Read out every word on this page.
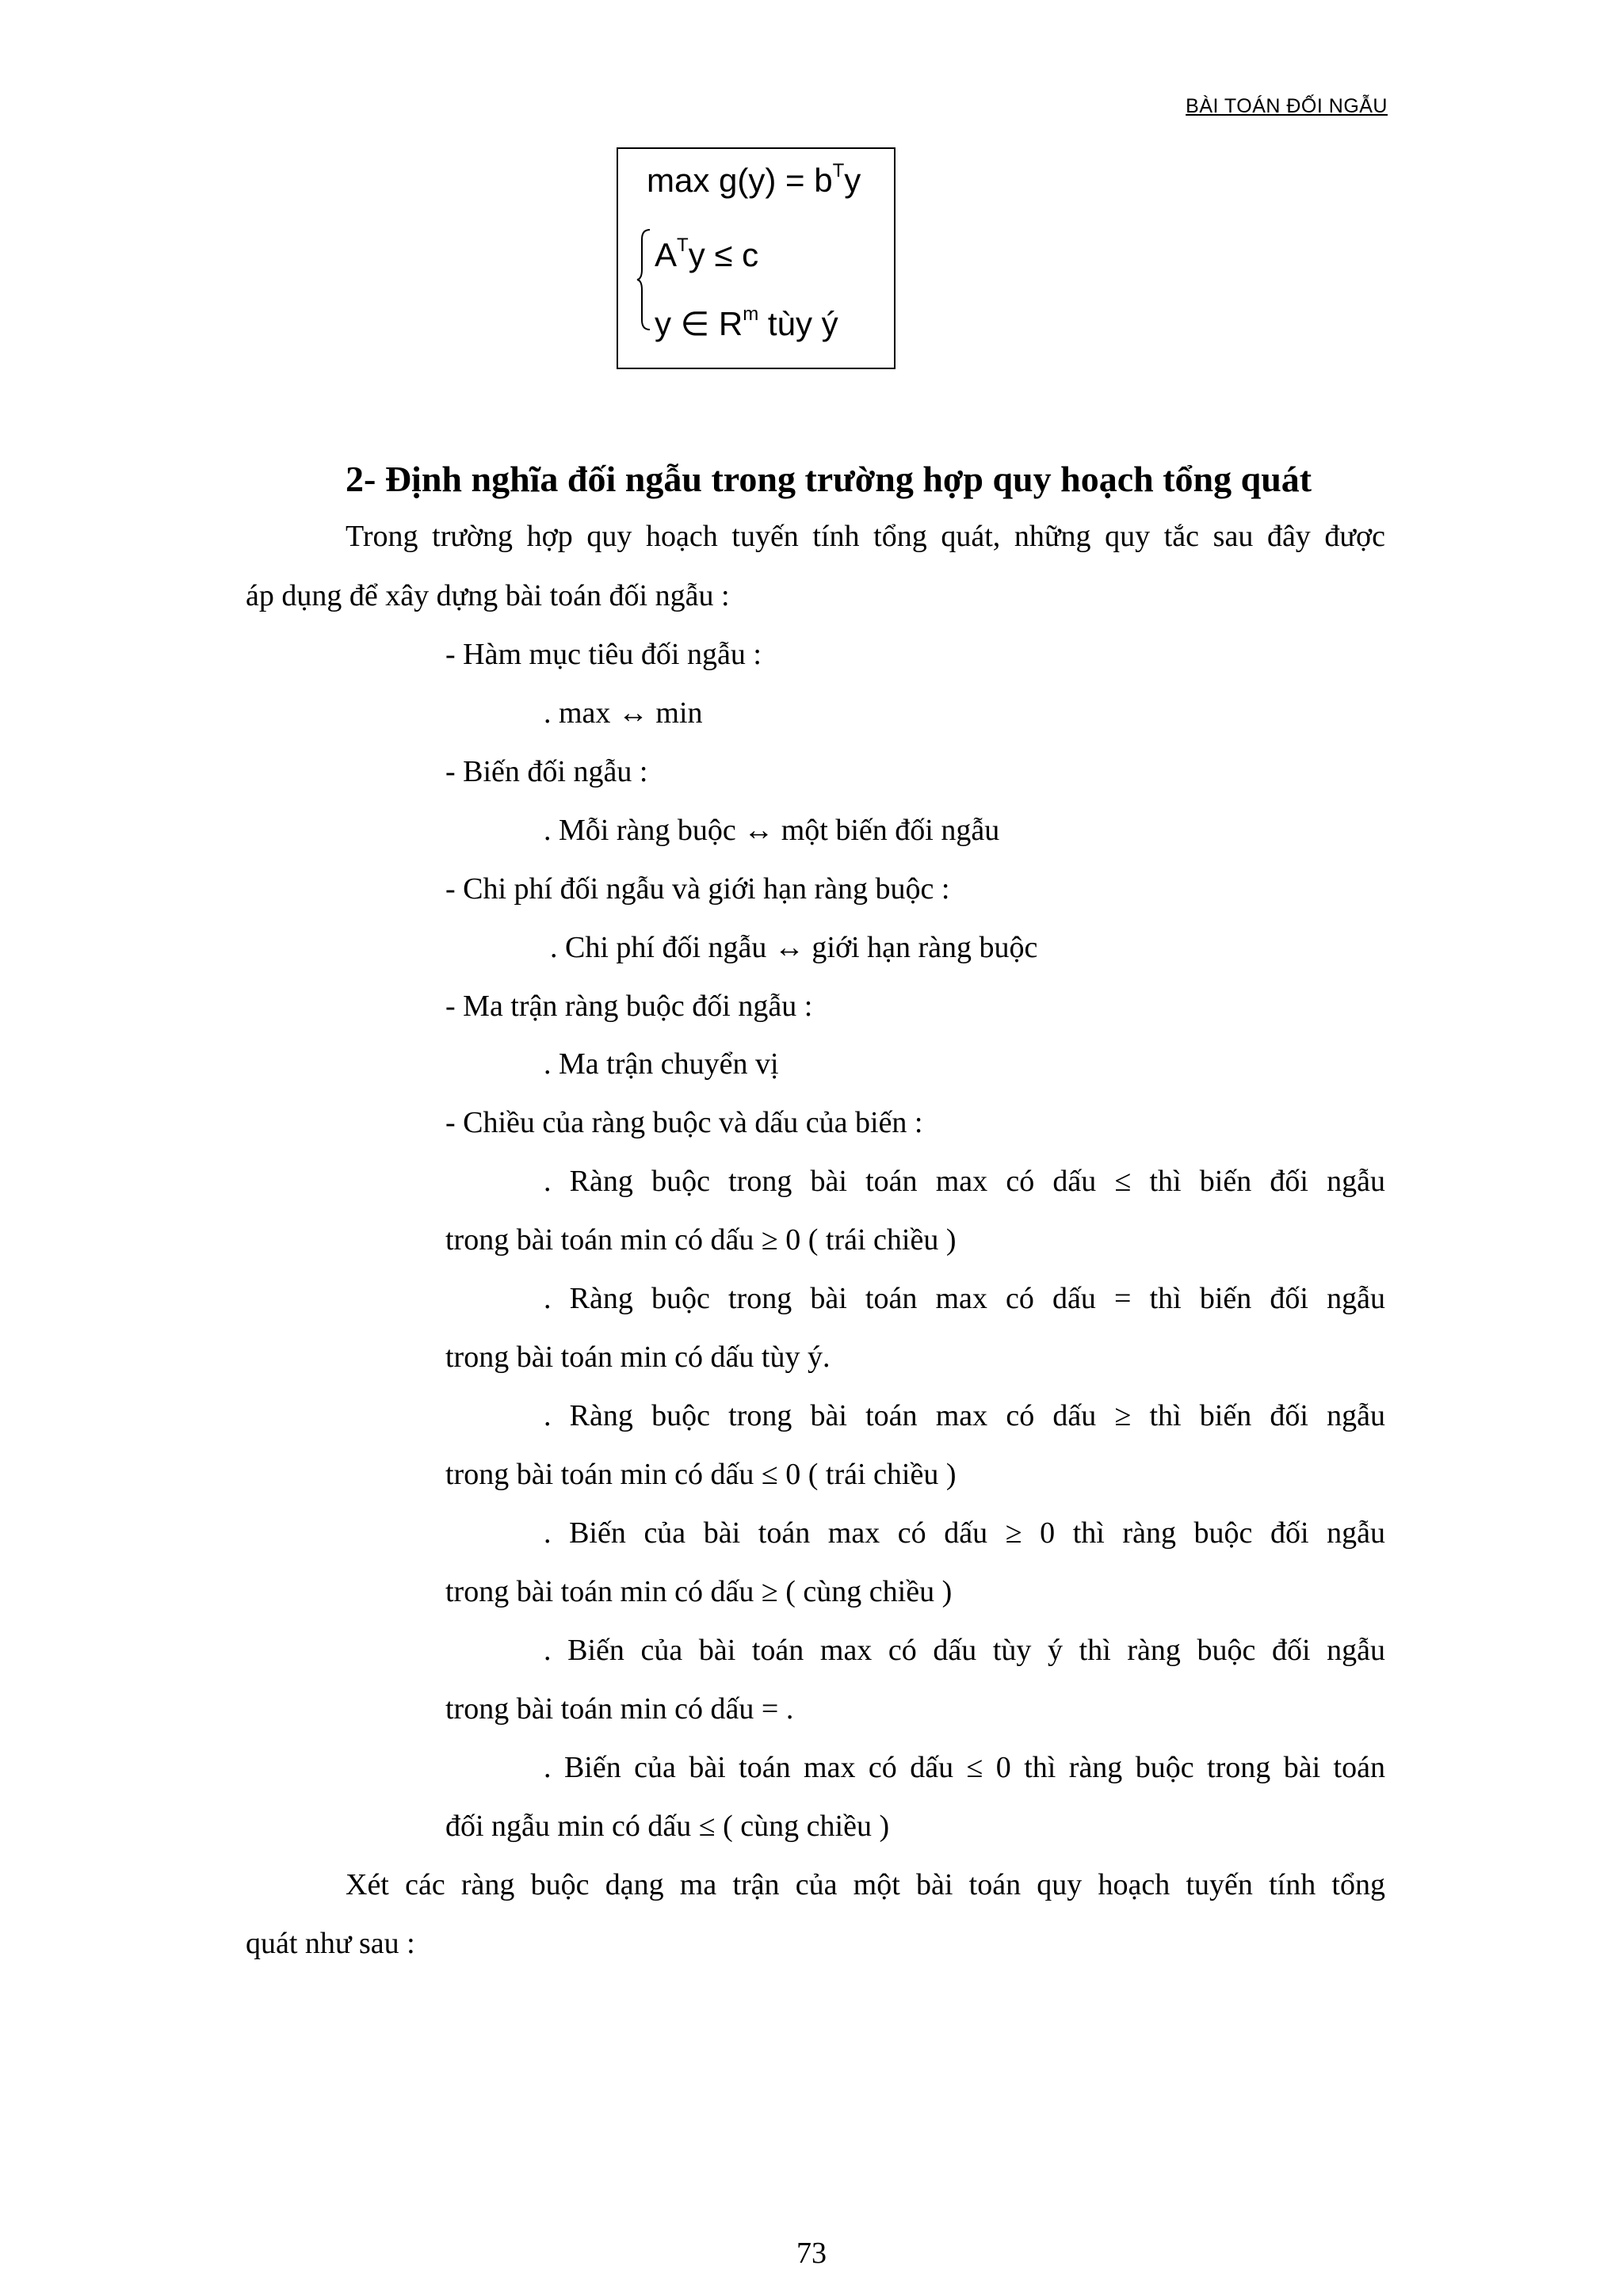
BÀI TOÁN ĐỐI NGẪU
$\max g(y) = b^Ty$
$A^Ty \le c$
y ∈ $R^m$ tùy ý
2- Định nghĩa đối ngẫu trong trường hợp quy hoạch tổng quát
Trong trường hợp quy hoạch tuyến tính tổng quát, những quy tắc sau đây được
áp dụng để xây dựng bài toán đối ngẫu :
- Hàm mục tiêu đối ngẫu :
. max ↔ min
- Biến đối ngẫu :
. Mỗi ràng buộc ↔ một biến đối ngẫu
- Chi phí đối ngẫu và giới hạn ràng buộc :
. Chi phí đối ngẫu ↔ giới hạn ràng buộc
- Ma trận ràng buộc đối ngẫu :
. Ma trận chuyển vị
- Chiều của ràng buộc và dấu của biến :
. Ràng buộc trong bài toán max có dấu ≤ thì biến đối ngẫu
trong bài toán min có dấu ≥ 0 ( trái chiều )
. Ràng buộc trong bài toán max có dấu = thì biến đối ngẫu
trong bài toán min có dấu tùy ý.
. Ràng buộc trong bài toán max có dấu ≥ thì biến đối ngẫu
trong bài toán min có dấu ≤ 0 ( trái chiều )
. Biến của bài toán max có dấu ≥ 0 thì ràng buộc đối ngẫu
trong bài toán min có dấu ≥ ( cùng chiều )
. Biến của bài toán max có dấu tùy ý thì ràng buộc đối ngẫu
trong bài toán min có dấu = .
. Biến của bài toán max có dấu ≤ 0 thì ràng buộc trong bài toán
đối ngẫu min có dấu ≤ ( cùng chiều )
Xét các ràng buộc dạng ma trận của một bài toán quy hoạch tuyến tính tổng
quát như sau :
73
